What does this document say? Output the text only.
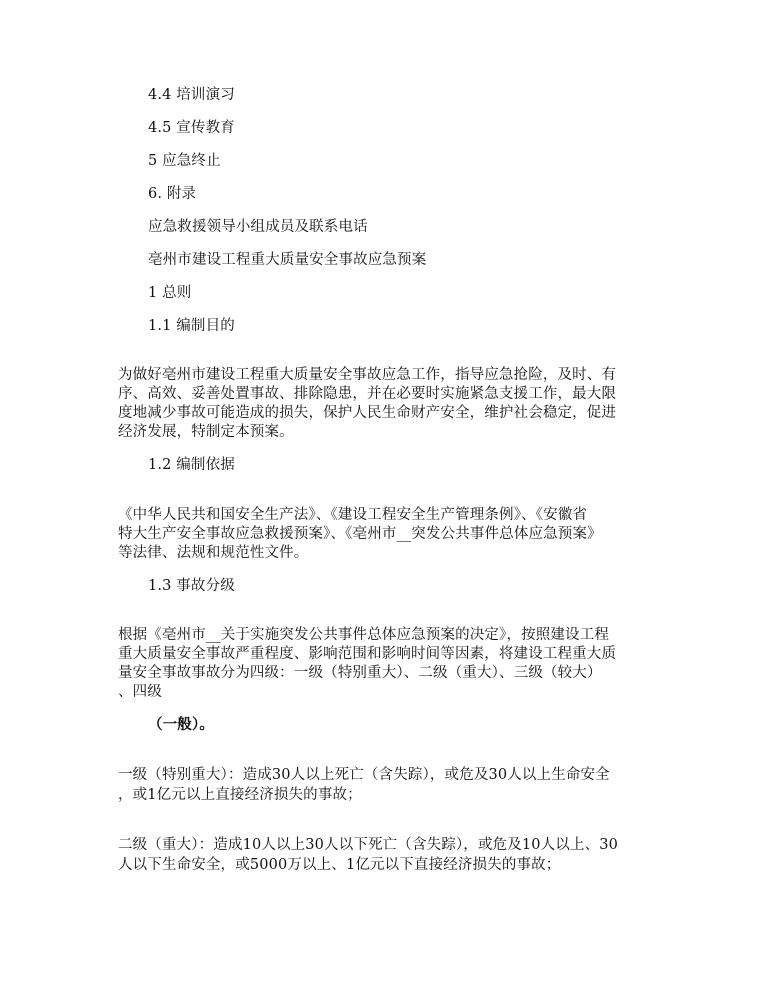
4.4 培训演习
4.5 宣传教育
5 应急终止
6. 附录
应急救援领导小组成员及联系电话
亳州市建设工程重大质量安全事故应急预案
1 总则
1.1 编制目的
为做好亳州市建设工程重大质量安全事故应急工作，指导应急抢险，及时、有
序、高效、妥善处置事故、排除隐患，并在必要时实施紧急支援工作，最大限
度地减少事故可能造成的损失，保护人民生命财产安全，维护社会稳定，促进
经济发展，特制定本预案。
1.2 编制依据
《中华人民共和国安全生产法》、《建设工程安全生产管理条例》、《安徽省
特大生产安全事故应急救援预案》、《亳州市__突发公共事件总体应急预案》
等法律、法规和规范性文件。
1.3 事故分级
根据《亳州市__关于实施突发公共事件总体应急预案的决定》，按照建设工程
重大质量安全事故严重程度、影响范围和影响时间等因素，将建设工程重大质
量安全事故事故分为四级：一级（特别重大）、二级（重大）、三级（较大）
、四级
（一般）。
一级（特别重大）：造成30人以上死亡（含失踪），或危及30人以上生命安全
，或1亿元以上直接经济损失的事故；
二级（重大）：造成10人以上30人以下死亡（含失踪），或危及10人以上、30
人以下生命安全，或5000万以上、1亿元以下直接经济损失的事故；
